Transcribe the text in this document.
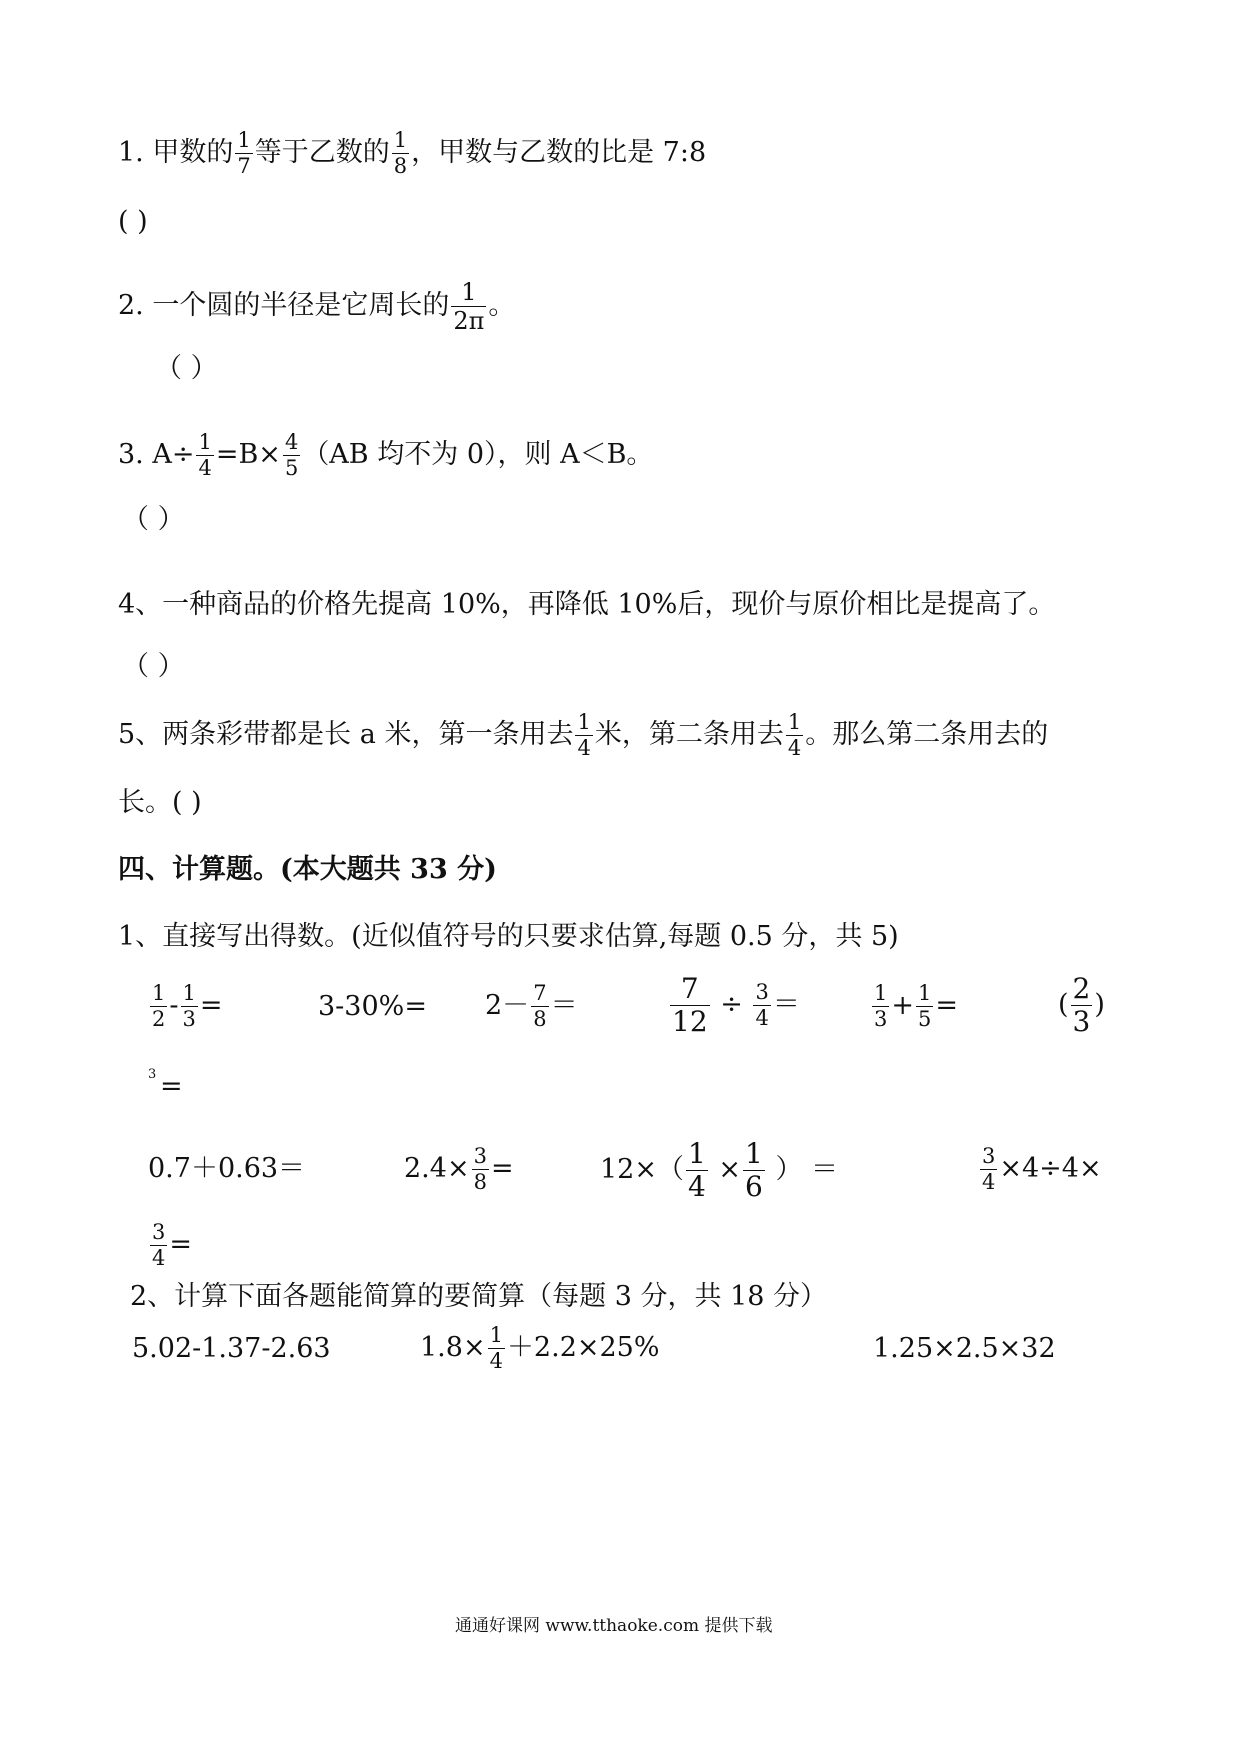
1. 甲数的 $\frac{1}{7}$ 等于乙数的 $\frac{1}{8}$ ，甲数与乙数的比是 7:8
( )
2. 一个圆的半径是它周长的 $\frac{1}{2\pi}$ 。
（ ）
3. $A\div \frac{1}{4} =B\times \frac{4}{5} (AB$ 均不为 0），则 A＜B。
（ ）
4、一种商品的价格先提高 10%，再降低 10%后，现价与原价相比是提高了。
（ ）
5、两条彩带都是长 a 米，第一条用去 $\frac{1}{4}$ 米，第二条用去 $\frac{1}{4}$ 。那么第二条用去的
长。( )
四、计算题。(本大题共 33 分)
1、直接写出得数。(近似值符号的只要求估算,每题 0.5 分，共 5)
$\frac{1}{2} - \frac{1}{3}$ =	$3-30\%= 2- \frac{7}{8}$ ＝	$\frac{7}{12} \div \frac{3}{4}$ ＝	$\frac{1}{3} + \frac{1}{5}$ =	( $\frac{2}{3}$ )
3 =
0.7＋0.63＝	$2.4\times \frac{3}{8}$ =	$12\times( \frac{1}{4} \times \frac{1}{6}$ ） ＝	$\frac{3}{4} \times 4\div 4\times$
$\frac{3}{4}$ =
2、计算下面各题能简算的要简算（每题 3 分，共 18 分）
5.02-1.37-2.63	$1.8\times \frac{1}{4} +2.2\times 25\%$	1.25×2.5×32
通通好课网 www.tthaoke.com 提供下载
